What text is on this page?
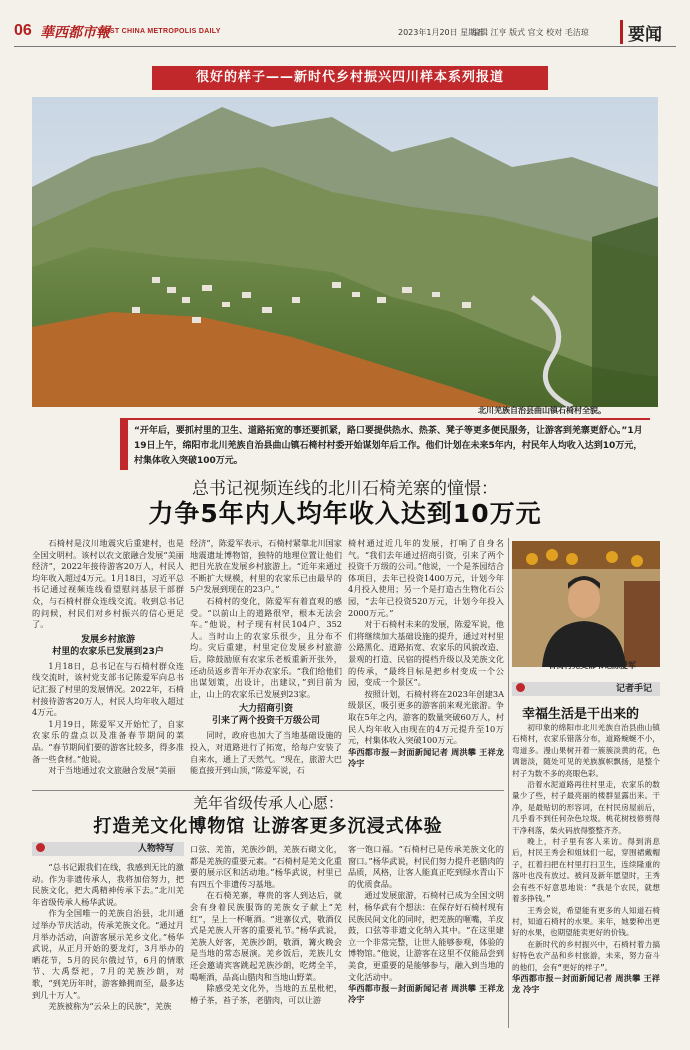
06 華西都市報
WEST CHINA METROPOLIS DAILY	2023年1月20日 星期五
编辑 江亨 版式 官文 校对 毛洁琼	要闻
很好的样子——新时代乡村振兴四川样本系列报道
北川羌族自治县曲山镇石椅村全貌。
“开年后，要抓村里的卫生、道路拓宽的事还要抓紧，路口要提供热水、热茶、凳子等更多便民服务，让游客到羌寨更舒心。”1月19日上午，绵阳市北川羌族自治县曲山镇石椅村村委开始谋划年后工作。他们计划在未来5年内，村民年人均收入达到10万元，村集体收入突破100万元。
总书记视频连线的北川石椅羌寨的憧憬：
力争5年内人均年收入达到10万元

石椅村是汶川地震灾后重建村，也是全国文明村。该村以农文旅融合发展“美丽经济”，2022年接待游客20万人，村民人均年收入超过4万元。1月18日，习近平总书记通过视频连线看望慰问基层干部群众，与石椅村群众连线交流。收到总书记的问候，村民们对乡村振兴的信心更足了。

发展乡村旅游
村里的农家乐已发展到23户

1月18日，总书记在与石椅村群众连线交流时，该村党支部书记陈爱军向总书记汇报了村里的发展情况。2022年，石椅村接待游客20万人，村民人均年收入超过4万元。

1月19日，陈爱军又开始忙了，自家农家乐的盘点以及准备春节期间的菜品。“春节期间们要的游客比较多，得多准备一些食材。”他说。

对于当地通过农文旅融合发展“美丽

经济”，陈爱军表示，石椅村紧靠北川国家地震遗址博物馆，独特的地理位置让他们把目光放在发展乡村旅游上。“近年来通过不断扩大规模，村里的农家乐已由最早的5户发展到现在的23户。”

石椅村的变化，陈爱军有着直观的感受。“以前山上的道路很窄，根本无法会车。”他说，村子现有村民104户、352人。当时山上的农家乐很少，且分布不均。灾后重建，村里定位发展乡村旅游后，除鼓励原有农家乐老板重新开张外，还动员返乡青年开办农家乐。“我们给他们出谋划策，出设计，出建议，”到目前为止，山上的农家乐已发展到23家。

大力招商引资
引来了两个投资千万级公司

同时，政府也加大了当地基础设施的投入，对道路进行了拓宽，给每户安装了自来水，通上了天然气。“现在，旅游大巴能直接开到山顶，”陈爱军说，石

椅村通过近几年的发展，打响了自身名气。“我们去年通过招商引资，引来了两个投资千万级的公司。”他说，一个是茶园结合体项目，去年已投资1400万元，计划今年4月投入使用；另一个是打造古生物化石公园，“去年已投资520万元，计划今年投入2000万元。”

对于石椅村未来的发展，陈爱军说，他们将继续加大基础设施的提升，通过对村里公路黑化、道路拓宽、农家乐的风貌改造、景观的打造、民宿的提档升级以及羌族文化的传承，“最终目标是把乡村变成一个公园，变成一个景区”。

按照计划，石椅村将在2023年创建3A级景区，吸引更多的游客前来观光旅游。争取在5年之内，游客的数量突破60万人，村民人均年收入由现在的4万元提升至10万元，村集体收入突破100万元。

华西都市报－封面新闻记者 周洪攀 王祥龙 冷宇

石椅村党支部书记陈爱军
记者手记
幸福生活是干出来的

初印象的绵阳市北川羌族自治县曲山镇石椅村，农家乐错落分布，道路蜿蜒不小，弯道多。漫山果树开着一簇簇淡黄的花，色调谐淡，随处可见的羌族旗帜飘扬，是整个村子为数不多的亮眼色彩。

沿着水泥道路再往村里走，农家乐的数量少了些，村子最亮丽的楼群显露出来。干净，是最贴切的形容词，在村民房屋前后，几乎看不到任何杂色垃圾。桃花树枝修剪得干净利落，柴火码放得整整齐齐。

晚上，村子里有客人来访。得到消息后，村民王秀会和姐妹们一起，穿围裙戴帽子，扛着扫把在村里打扫卫生，连续隆重的落叶也没有放过。被问及新年愿望时，王秀会有些不好意思地说：“我是个农民，就想着多挣钱。”

王秀会说，希望能有更多的人知道石椅村，知道石椅村的水果。来年，她要种出更好的水果，也期望能卖更好的价钱。

在新时代的乡村振兴中，石椅村着力搞好特色农产品和乡村旅游，未来，努力奋斗的他们，会有“更好的样子”。

华西都市报－封面新闻记者 周洪攀 王祥龙 冷宇

羌年省级传承人心愿：
打造羌文化博物馆 让游客更多沉浸式体验
人物特写

“总书记跟我们在线，我感到无比的激动。作为非遗传承人，我将加倍努力，把民族文化，把大禹精神传承下去。”北川羌年省级传承人杨华武说。

作为全国唯一的羌族自治县，北川通过举办节庆活动，传承羌族文化。“通过月月举办活动，向游客展示羌乡文化。”杨华武说，从正月开始的要龙灯，3月举办的晒花节，5月的民尔俄过节，6月的情歌节、大禹祭祀，7月的羌族沙朗，对歌，“到羌历年时，游客蜂拥而至，最多达到几十万人”。

羌族被称为“云朵上的民族”，羌族

口弦、羌笛，羌族沙朗，羌族石砌文化，都是羌族的重要元素。“石椅村是羌文化重要的展示区和活动地。”杨华武说，村里已有四五个非遗传习基地。

在石椅羌寨，尊贵的客人到达后，就会有身着民族服饰的羌族女子献上“羌红”，呈上一杯咂酒。“进寨仪式，敬酒仪式是羌族人开客的重要礼节。”杨华武说，羌族人好客，羌族沙朗，敬酒，篝火晚会是当地的常态展演。羌乡饭后，羌族儿女还会邀请宾客跳起羌族沙朗，吃烤全羊，喝咂酒，品高山腊肉和当地山野菜。

除感受羌文化外，当地的五星枇杷，椿子茶，苔子茶，老腊肉，可以让游

客一饱口福。“石椅村已是传承羌族文化的窗口。”杨华武说，村民们努力提升老腊肉的品质，风格，让客人能真正吃到绿水青山下的优质食品。

通过发展旅游，石椅村已成为全国文明村，杨华武有个想法：在保存好石椅村现有民族民间文化的同时，把羌族的咂嘴，羊皮鼓，口弦等非遗文化纳入其中。“在这里建立一个非常完整，让世人能够参观，体验的博物馆。”他说，让游客在这里不仅能品尝到美食，更重要的是能够参与，融入到当地的文化活动中。

华西都市报－封面新闻记者 周洪攀 王祥龙 冷宇
